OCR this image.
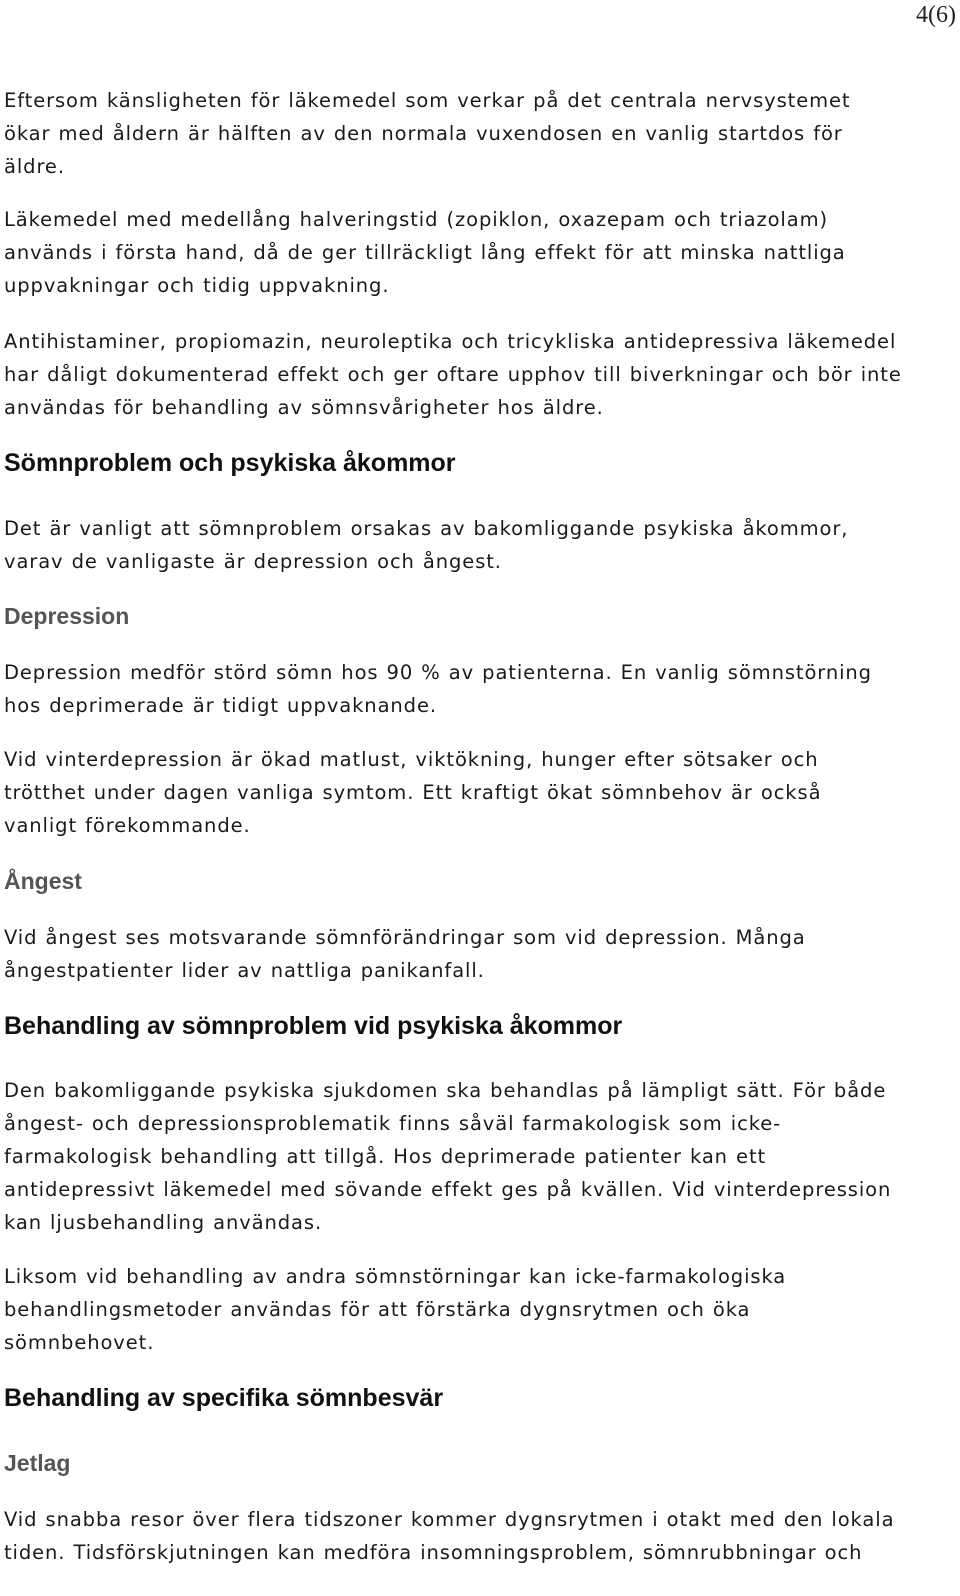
4(6)

Eftersom känsligheten för läkemedel som verkar på det centrala nervsystemet
ökar med åldern är hälften av den normala vuxendosen en vanlig startdos för
äldre.

Läkemedel med medellång halveringstid (zopiklon, oxazepam och triazolam)
används i första hand, då de ger tillräckligt lång effekt för att minska nattliga
uppvakningar och tidig uppvakning.

Antihistaminer, propiomazin, neuroleptika och tricykliska antidepressiva läkemedel
har dåligt dokumenterad effekt och ger oftare upphov till biverkningar och bör inte
användas för behandling av sömnsvårigheter hos äldre.

Sömnproblem och psykiska åkommor

Det är vanligt att sömnproblem orsakas av bakomliggande psykiska åkommor,
varav de vanligaste är depression och ångest.

Depression

Depression medför störd sömn hos 90 % av patienterna. En vanlig sömnstörning
hos deprimerade är tidigt uppvaknande.

Vid vinterdepression är ökad matlust, viktökning, hunger efter sötsaker och
trötthet under dagen vanliga symtom. Ett kraftigt ökat sömnbehov är också
vanligt förekommande.

Ångest

Vid ångest ses motsvarande sömnförändringar som vid depression. Många
ångestpatienter lider av nattliga panikanfall.

Behandling av sömnproblem vid psykiska åkommor

Den bakomliggande psykiska sjukdomen ska behandlas på lämpligt sätt. För både
ångest- och depressionsproblematik finns såväl farmakologisk som icke-
farmakologisk behandling att tillgå. Hos deprimerade patienter kan ett
antidepressivt läkemedel med sövande effekt ges på kvällen. Vid vinterdepression
kan ljusbehandling användas.

Liksom vid behandling av andra sömnstörningar kan icke-farmakologiska
behandlingsmetoder användas för att förstärka dygnsrytmen och öka
sömnbehovet.

Behandling av specifika sömnbesvär
Jetlag

Vid snabba resor över flera tidszoner kommer dygnsrytmen i otakt med den lokala
tiden. Tidsförskjutningen kan medföra insomningsproblem, sömnrubbningar och
